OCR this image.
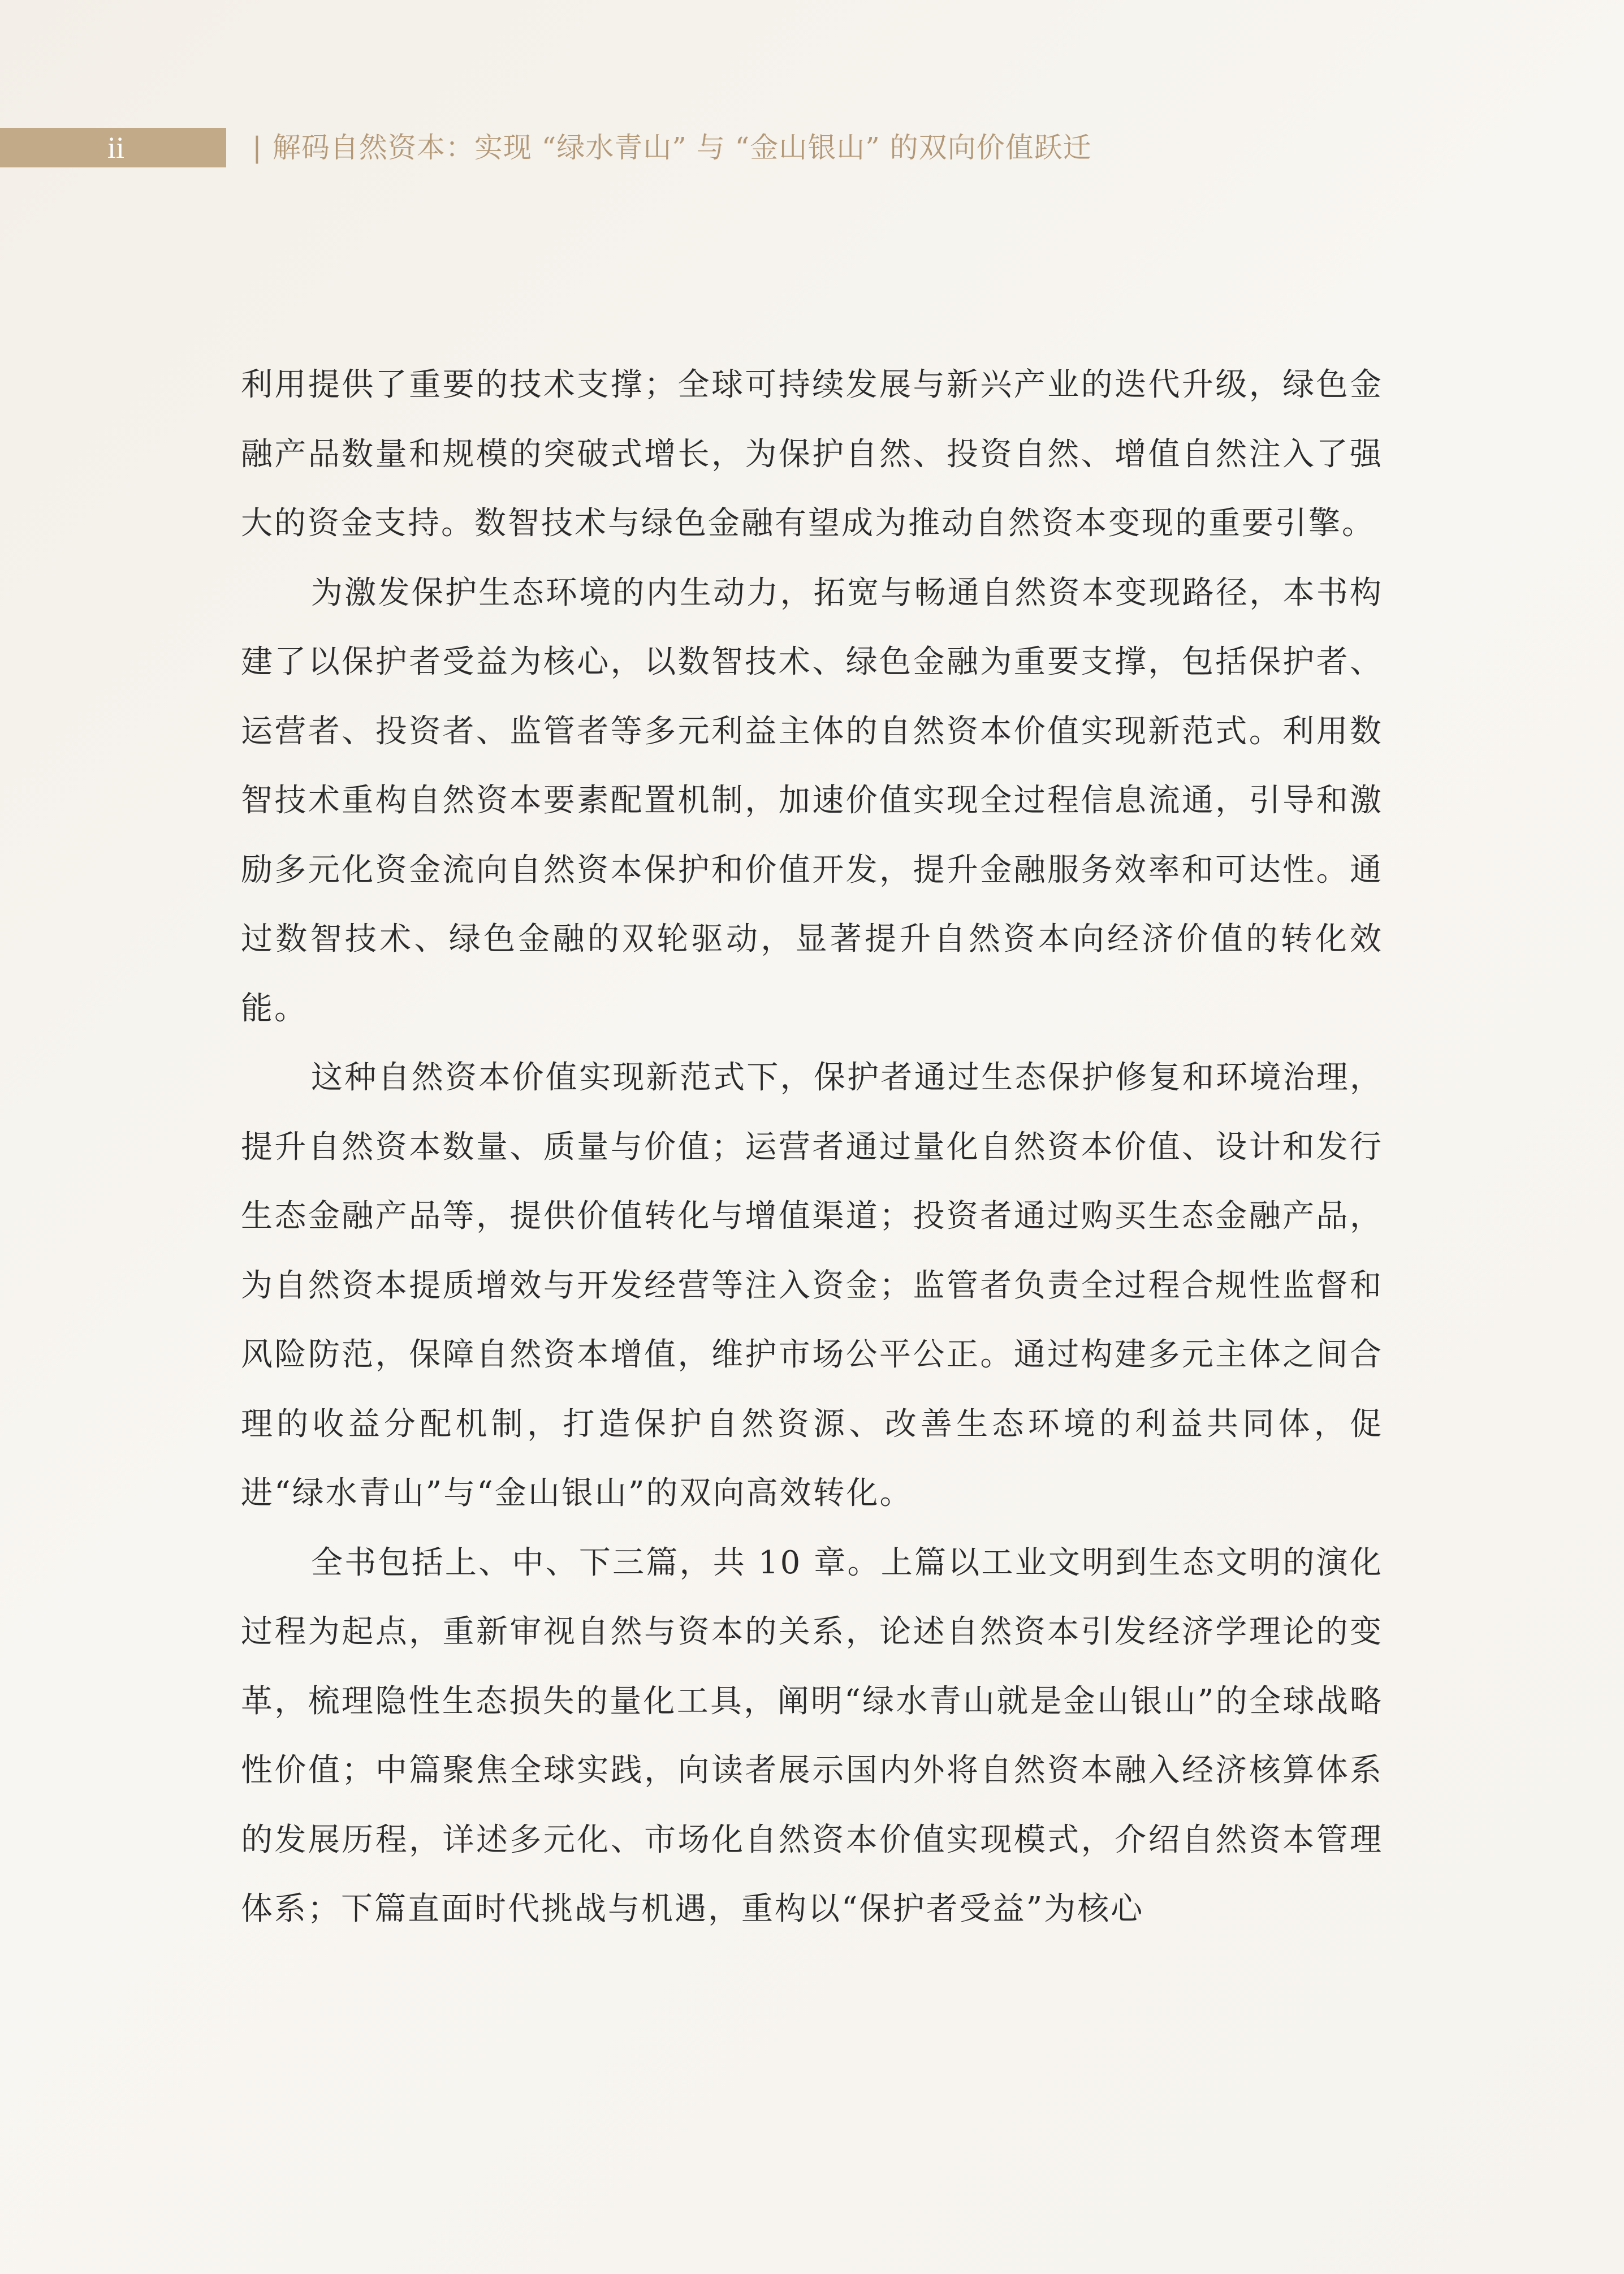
ii	| 解码自然资本：实现 “绿水青山” 与 “金山银山” 的双向价值跃迁

利用提供了重要的技术支撑；全球可持续发展与新兴产业的迭代升级，绿色金融产品数量和规模的突破式增长，为保护自然、投资自然、增值自然注入了强大的资金支持。数智技术与绿色金融有望成为推动自然资本变现的重要引擎。

为激发保护生态环境的内生动力，拓宽与畅通自然资本变现路径，本书构建了以保护者受益为核心，以数智技术、绿色金融为重要支撑，包括保护者、运营者、投资者、监管者等多元利益主体的自然资本价值实现新范式。利用数智技术重构自然资本要素配置机制，加速价值实现全过程信息流通，引导和激励多元化资金流向自然资本保护和价值开发，提升金融服务效率和可达性。通过数智技术、绿色金融的双轮驱动，显著提升自然资本向经济价值的转化效能。

这种自然资本价值实现新范式下，保护者通过生态保护修复和环境治理，提升自然资本数量、质量与价值；运营者通过量化自然资本价值、设计和发行生态金融产品等，提供价值转化与增值渠道；投资者通过购买生态金融产品，为自然资本提质增效与开发经营等注入资金；监管者负责全过程合规性监督和风险防范，保障自然资本增值，维护市场公平公正。通过构建多元主体之间合理的收益分配机制，打造保护自然资源、改善生态环境的利益共同体，促进“绿水青山”与“金山银山”的双向高效转化。

全书包括上、中、下三篇，共 10 章。上篇以工业文明到生态文明的演化过程为起点，重新审视自然与资本的关系，论述自然资本引发经济学理论的变革，梳理隐性生态损失的量化工具，阐明“绿水青山就是金山银山”的全球战略性价值；中篇聚焦全球实践，向读者展示国内外将自然资本融入经济核算体系的发展历程，详述多元化、市场化自然资本价值实现模式，介绍自然资本管理体系；下篇直面时代挑战与机遇，重构以“保护者受益”为核心
